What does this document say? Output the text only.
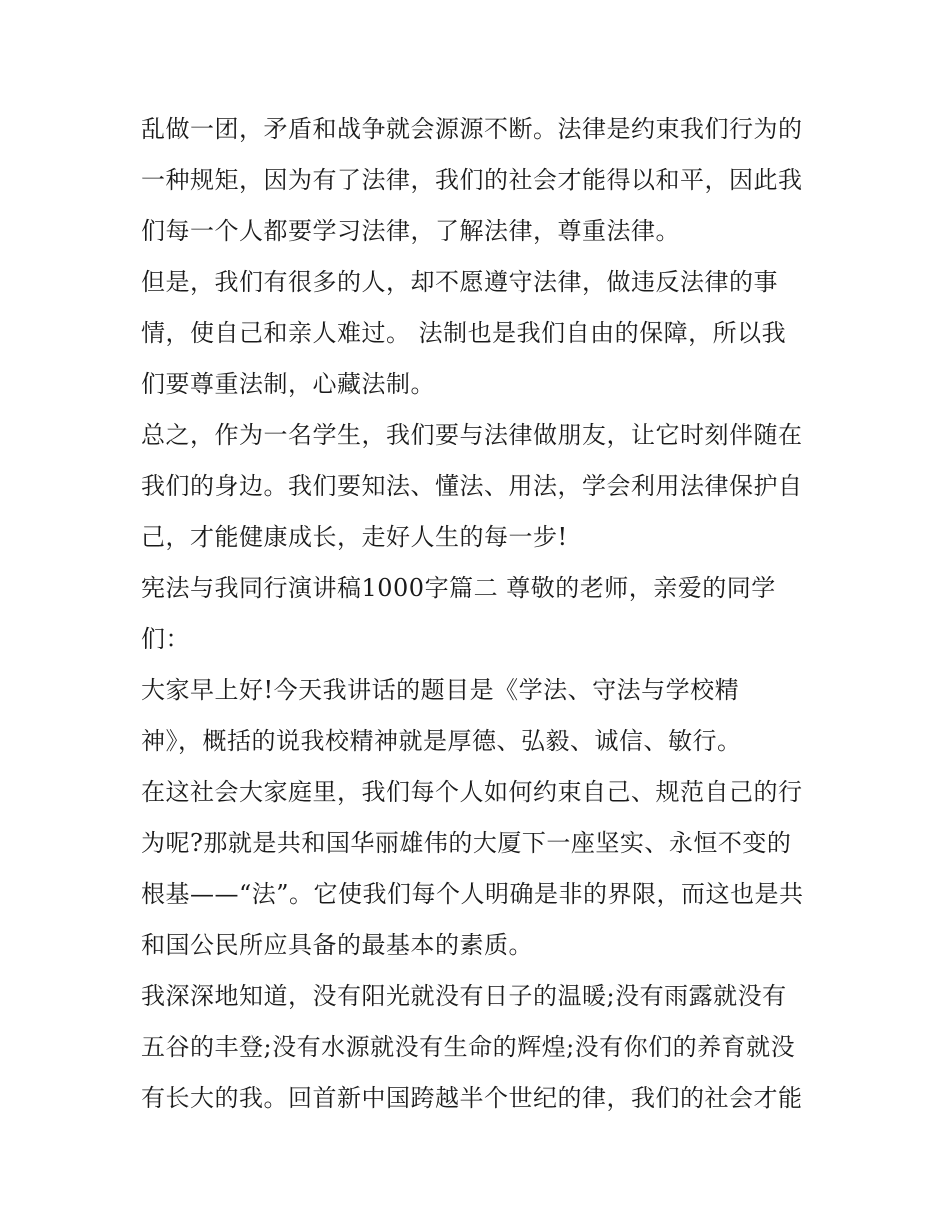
乱做一团，矛盾和战争就会源源不断。法律是约束我们行为的
一种规矩，因为有了法律，我们的社会才能得以和平，因此我
们每一个人都要学习法律，了解法律，尊重法律。
但是，我们有很多的人，却不愿遵守法律，做违反法律的事
情，使自己和亲人难过。 法制也是我们自由的保障，所以我
们要尊重法制，心藏法制。
总之，作为一名学生，我们要与法律做朋友，让它时刻伴随在
我们的身边。我们要知法、懂法、用法，学会利用法律保护自
己，才能健康成长，走好人生的每一步!
宪法与我同行演讲稿1000字篇二 尊敬的老师，亲爱的同学
们：
大家早上好!今天我讲话的题目是《学法、守法与学校精
神》，概括的说我校精神就是厚德、弘毅、诚信、敏行。
在这社会大家庭里，我们每个人如何约束自己、规范自己的行
为呢?那就是共和国华丽雄伟的大厦下一座坚实、永恒不变的
根基——“法”。它使我们每个人明确是非的界限，而这也是共
和国公民所应具备的最基本的素质。
我深深地知道，没有阳光就没有日子的温暖;没有雨露就没有
五谷的丰登;没有水源就没有生命的辉煌;没有你们的养育就没
有长大的我。回首新中国跨越半个世纪的律，我们的社会才能
